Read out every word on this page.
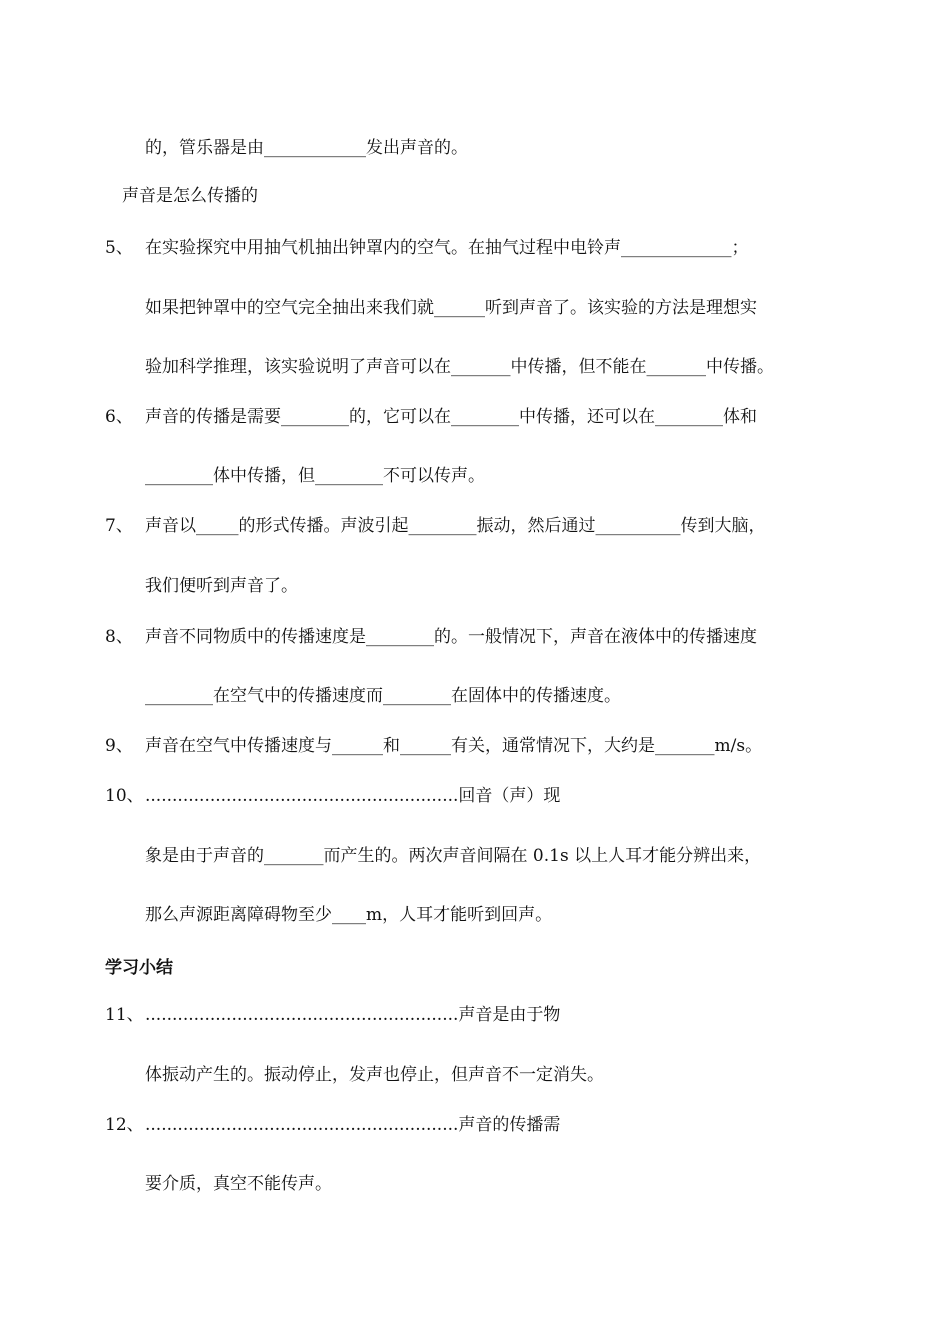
的，管乐器是由____________发出声音的。
声音是怎么传播的
5、 在实验探究中用抽气机抽出钟罩内的空气。在抽气过程中电铃声_____________；
如果把钟罩中的空气完全抽出来我们就______听到声音了。该实验的方法是理想实
验加科学推理，该实验说明了声音可以在_______中传播，但不能在_______中传播。
6、 声音的传播是需要________的，它可以在________中传播，还可以在________体和
________体中传播，但________不可以传声。
7、 声音以_____的形式传播。声波引起________振动，然后通过__________传到大脑，
我们便听到声音了。
8、 声音不同物质中的传播速度是________的。一般情况下，声音在液体中的传播速度
________在空气中的传播速度而________在固体中的传播速度。
9、 声音在空气中传播速度与______和______有关，通常情况下，大约是_______m/s。
10、 ..........................................................回音（声）现
象是由于声音的_______而产生的。两次声音间隔在 0.1s 以上人耳才能分辨出来，
那么声源距离障碍物至少____m，人耳才能听到回声。
学习小结
11、 ..........................................................声音是由于物
体振动产生的。振动停止，发声也停止，但声音不一定消失。
12、 ..........................................................声音的传播需
要介质，真空不能传声。
